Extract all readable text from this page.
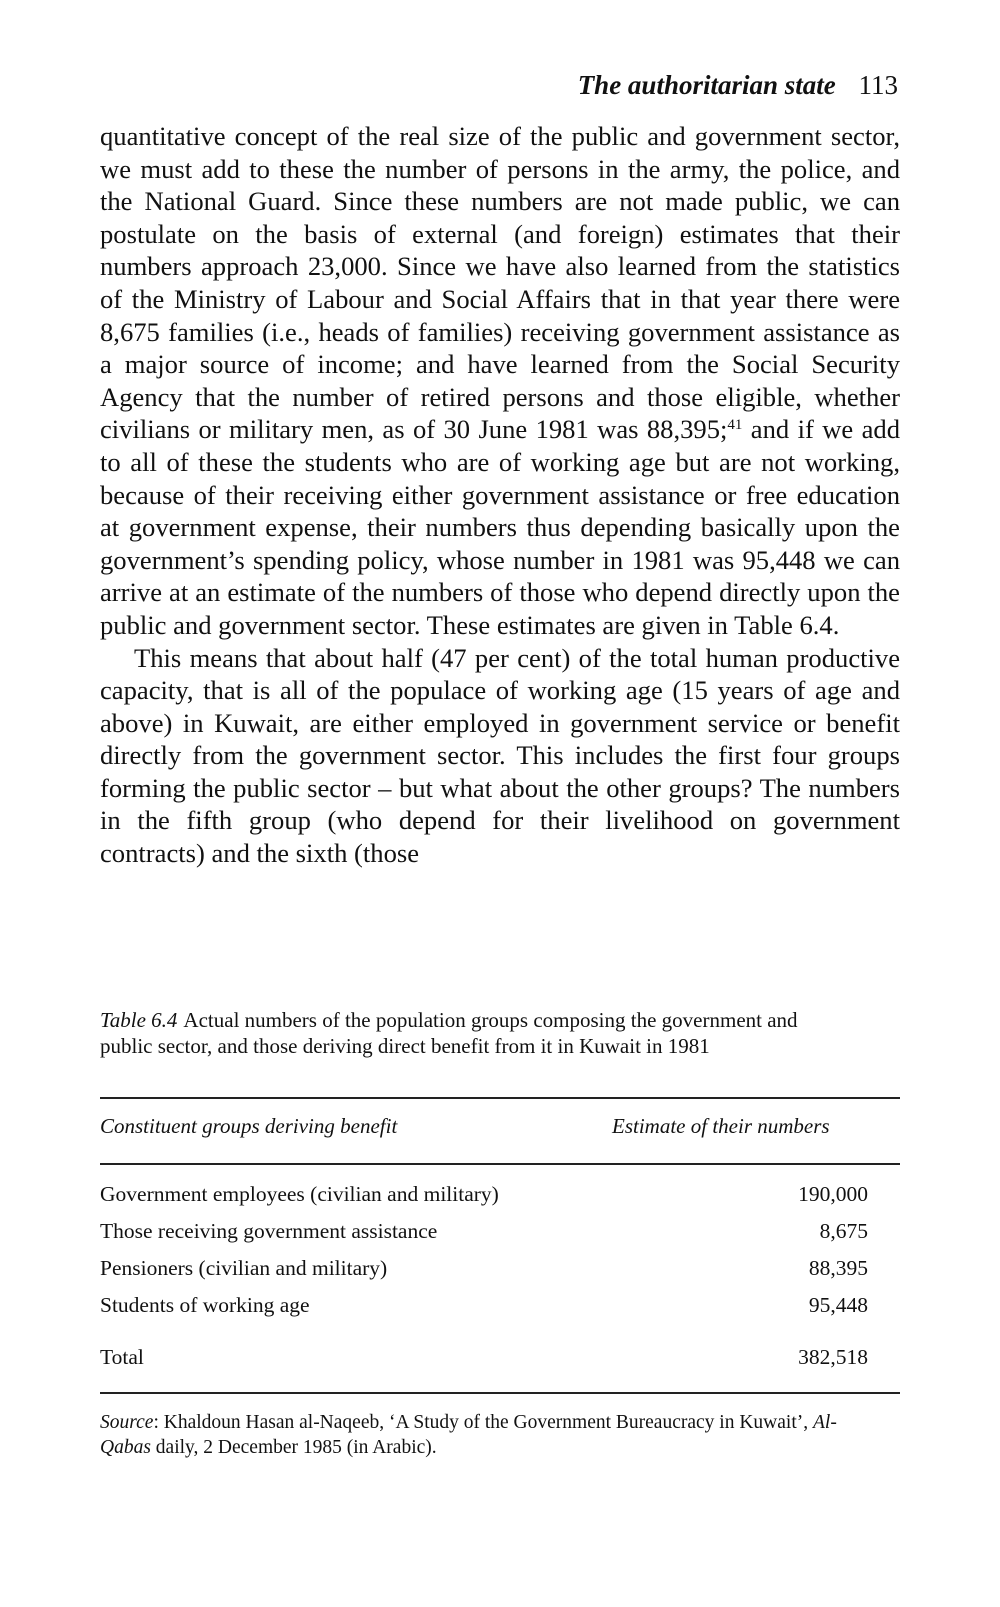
The authoritarian state 113

quantitative concept of the real size of the public and government sector, we must add to these the number of persons in the army, the police, and the National Guard. Since these numbers are not made public, we can postulate on the basis of external (and foreign) estimates that their numbers approach 23,000. Since we have also learned from the statistics of the Ministry of Labour and Social Affairs that in that year there were 8,675 families (i.e., heads of families) receiving government assistance as a major source of income; and have learned from the Social Security Agency that the number of retired persons and those eligible, whether civilians or military men, as of 30 June 1981 was 88,395;$^{41}$ and if we add to all of these the students who are of working age but are not working, because of their receiving either government assistance or free education at government expense, their numbers thus depending basically upon the government’s spending policy, whose number in 1981 was 95,448 we can arrive at an estimate of the numbers of those who depend directly upon the public and government sector. These estimates are given in Table 6.4.

This means that about half (47 per cent) of the total human productive capacity, that is all of the populace of working age (15 years of age and above) in Kuwait, are either employed in government service or benefit directly from the government sector. This includes the first four groups forming the public sector – but what about the other groups? The numbers in the fifth group (who depend for their livelihood on government contracts) and the sixth (those

Table 6.4 Actual numbers of the population groups composing the government and public sector, and those deriving direct benefit from it in Kuwait in 1981
Constituent groups deriving benefit	Estimate of their numbers
Government employees (civilian and military)	190,000
Those receiving government assistance	8,675
Pensioners (civilian and military)	88,395
Students of working age	95,448
Total	382,518
Source: Khaldoun Hasan al-Naqeeb, ‘A Study of the Government Bureaucracy in Kuwait’, Al-Qabas daily, 2 December 1985 (in Arabic).
